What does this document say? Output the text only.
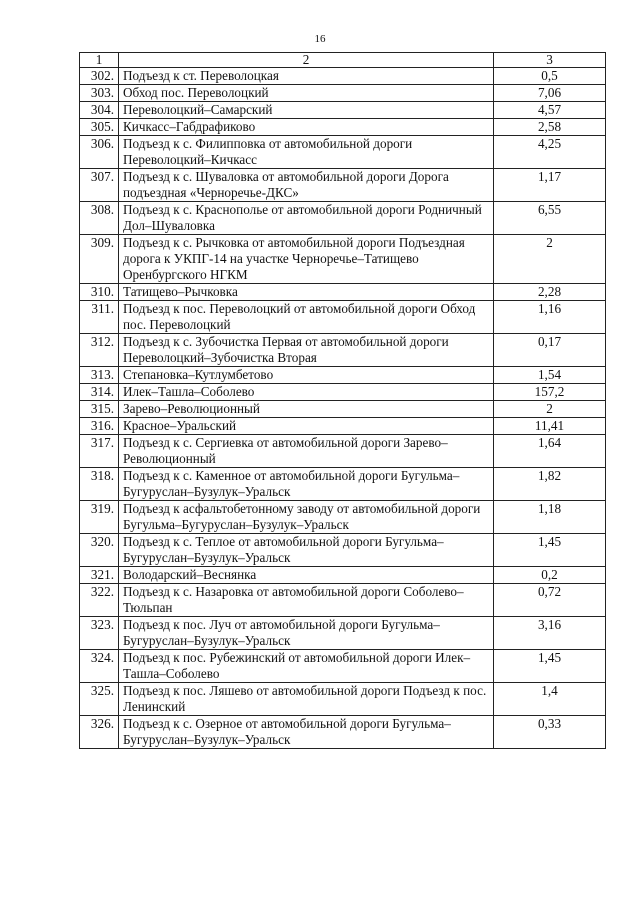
16
1	2	3
302.	Подъезд к ст. Переволоцкая	0,5
303.	Обход пос. Переволоцкий	7,06
304.	Переволоцкий–Самарский	4,57
305.	Кичкасс–Габдрафиково	2,58
306.	Подъезд к с. Филипповка от автомобильной дороги Переволоцкий–Кичкасс	4,25
307.	Подъезд к с. Шуваловка от автомобильной дороги Дорога подъездная «Черноречье-ДКС»	1,17
308.	Подъезд к с. Краснополье от автомобильной дороги Родничный Дол–Шуваловка	6,55
309.	Подъезд к с. Рычковка от автомобильной дороги Подъездная дорога к УКПГ-14 на участке Черноречье–Татищево Оренбургского НГКМ	2
310.	Татищево–Рычковка	2,28
311.	Подъезд к пос. Переволоцкий от автомобильной дороги Обход пос. Переволоцкий	1,16
312.	Подъезд к с. Зубочистка Первая от автомобильной дороги Переволоцкий–Зубочистка Вторая	0,17
313.	Степановка–Кутлумбетово	1,54
314.	Илек–Ташла–Соболево	157,2
315.	Зарево–Революционный	2
316.	Красное–Уральский	11,41
317.	Подъезд к с. Сергиевка от автомобильной дороги Зарево–Революционный	1,64
318.	Подъезд к с. Каменное от автомобильной дороги Бугульма–Бугуруслан–Бузулук–Уральск	1,82
319.	Подъезд к асфальтобетонному заводу от автомобильной дороги Бугульма–Бугуруслан–Бузулук–Уральск	1,18
320.	Подъезд к с. Теплое от автомобильной дороги Бугульма–Бугуруслан–Бузулук–Уральск	1,45
321.	Володарский–Веснянка	0,2
322.	Подъезд к с. Назаровка от автомобильной дороги Соболево–Тюльпан	0,72
323.	Подъезд к пос. Луч от автомобильной дороги Бугульма–Бугуруслан–Бузулук–Уральск	3,16
324.	Подъезд к пос. Рубежинский от автомобильной дороги Илек–Ташла–Соболево	1,45
325.	Подъезд к пос. Ляшево от автомобильной дороги Подъезд к пос. Ленинский	1,4
326.	Подъезд к с. Озерное от автомобильной дороги Бугульма–Бугуруслан–Бузулук–Уральск	0,33
